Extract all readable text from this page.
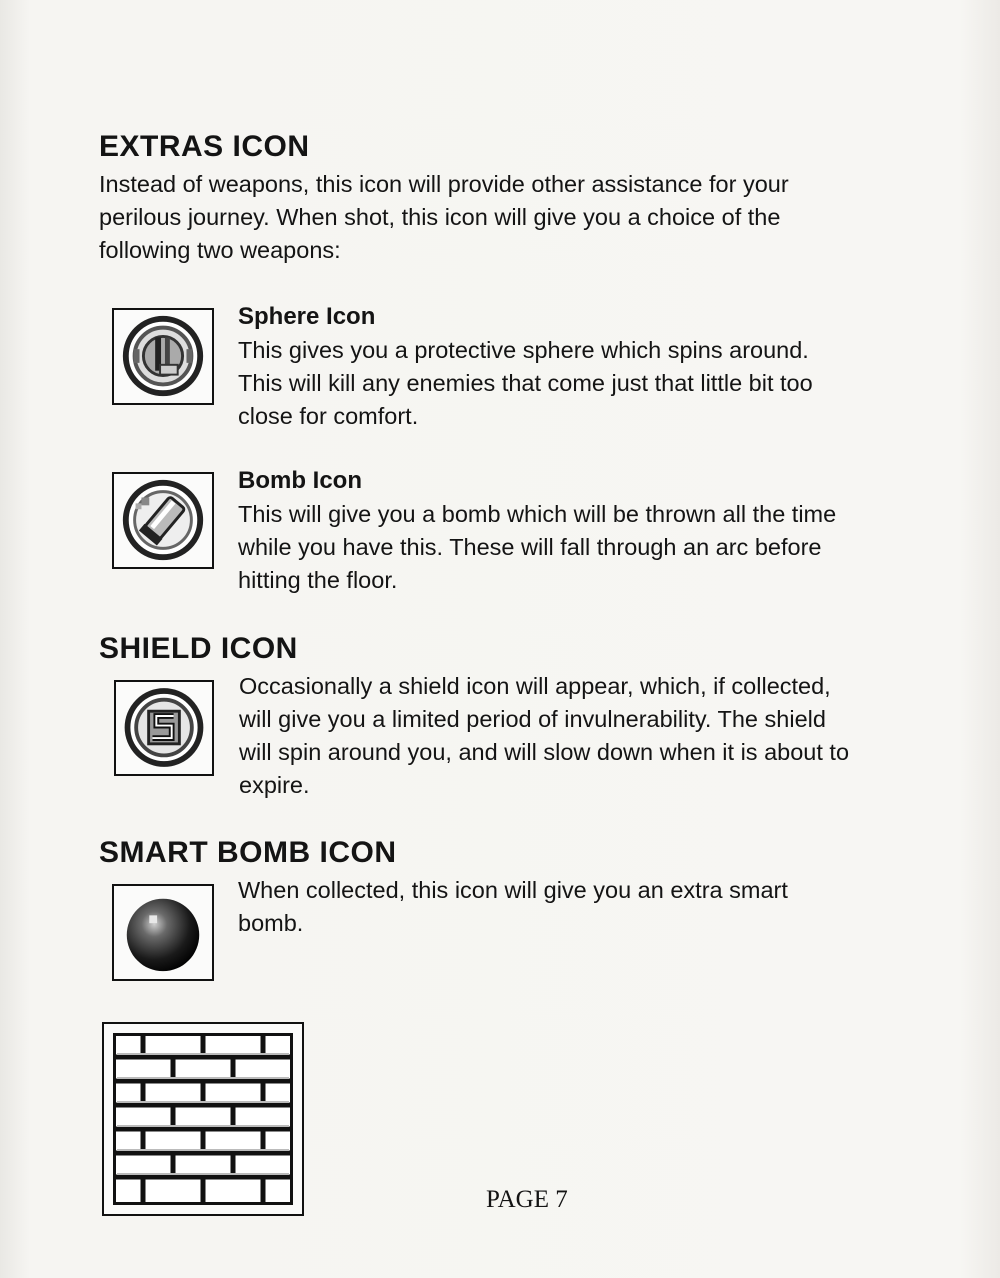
EXTRAS ICON
Instead of weapons, this icon will provide other assistance for your
perilous journey. When shot, this icon will give you a choice of the
following two weapons:
Sphere Icon
This gives you a protective sphere which spins around.
This will kill any enemies that come just that little bit too
close for comfort.
Bomb Icon
This will give you a bomb which will be thrown all the time
while you have this. These will fall through an arc before
hitting the floor.
SHIELD ICON
Occasionally a shield icon will appear, which, if collected,
will give you a limited period of invulnerability. The shield
will spin around you, and will slow down when it is about to
expire.
SMART BOMB ICON
When collected, this icon will give you an extra smart
bomb.
PAGE 7
